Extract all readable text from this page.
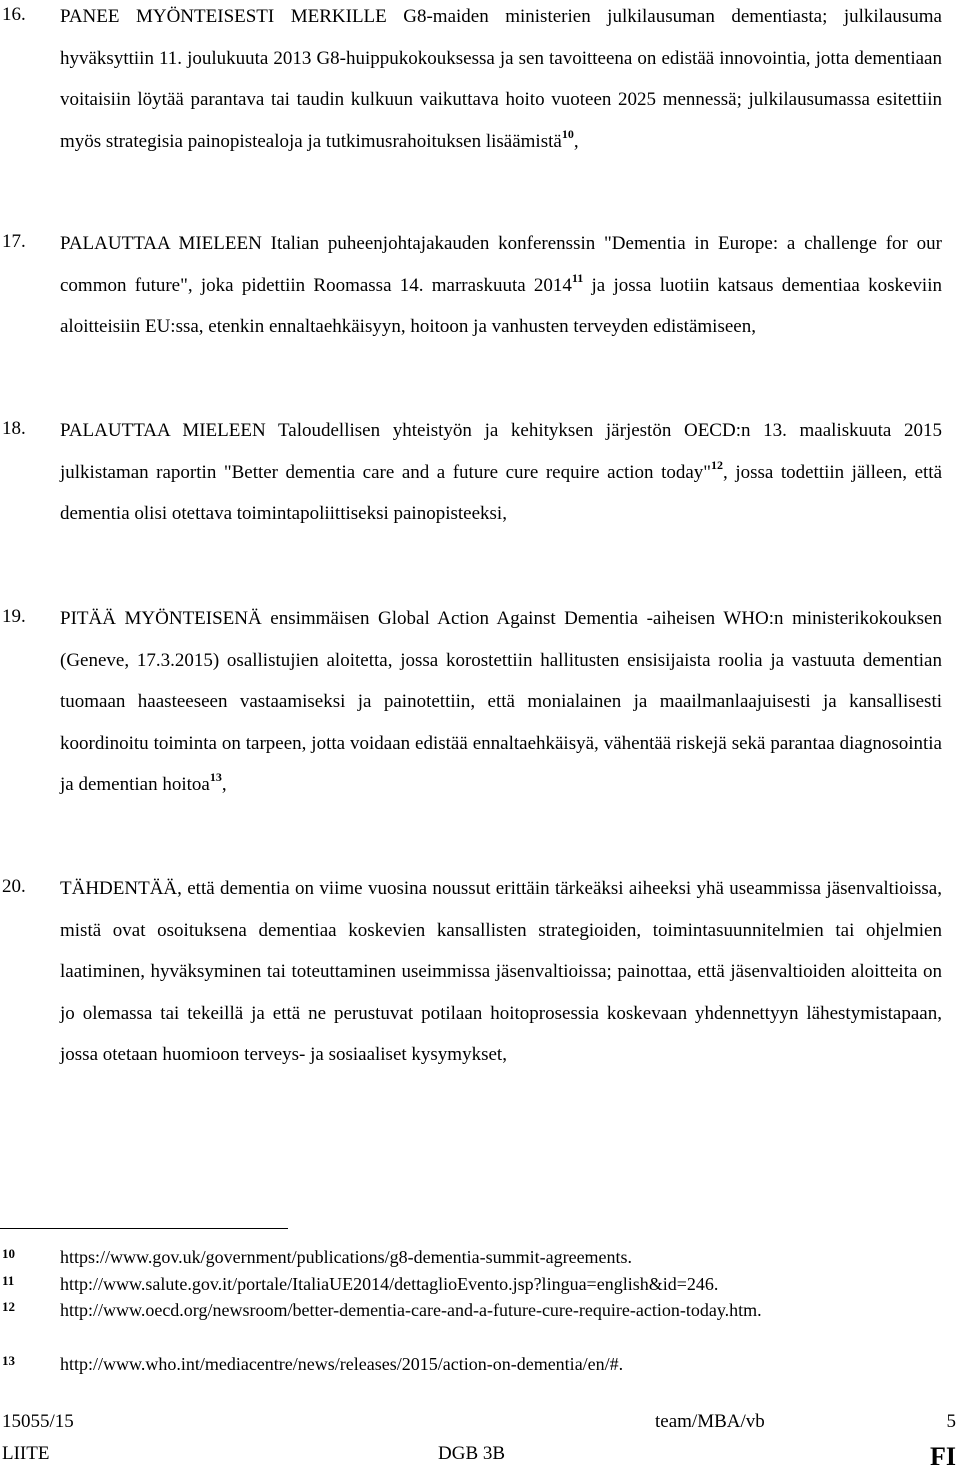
16. PANEE MYÖNTEISESTI MERKILLE G8-maiden ministerien julkilausuman dementiasta; julkilausuma hyväksyttiin 11. joulukuuta 2013 G8-huippukokouksessa ja sen tavoitteena on edistää innovointia, jotta dementiaan voitaisiin löytää parantava tai taudin kulkuun vaikuttava hoito vuoteen 2025 mennessä; julkilausumassa esitettiin myös strategisia painopistealoja ja tutkimusrahoituksen lisäämistä$^{10}$,
17. PALAUTTAA MIELEEN Italian puheenjohtajakauden konferenssin "Dementia in Europe: a challenge for our common future", joka pidettiin Roomassa 14. marraskuuta 2014$^{11}$ ja jossa luotiin katsaus dementiaa koskeviin aloitteisiin EU:ssa, etenkin ennaltaehkäisyyn, hoitoon ja vanhusten terveyden edistämiseen,
18. PALAUTTAA MIELEEN Taloudellisen yhteistyön ja kehityksen järjestön OECD:n 13. maaliskuuta 2015 julkistaman raportin "Better dementia care and a future cure require action today"$^{12}$, jossa todettiin jälleen, että dementia olisi otettava toimintapoliittiseksi painopisteeksi,
19. PITÄÄ MYÖNTEISENÄ ensimmäisen Global Action Against Dementia -aiheisen WHO:n ministerikokouksen (Geneve, 17.3.2015) osallistujien aloitetta, jossa korostettiin hallitusten ensisijaista roolia ja vastuuta dementian tuomaan haasteeseen vastaamiseksi ja painotettiin, että monialainen ja maailmanlaajuisesti ja kansallisesti koordinoitu toiminta on tarpeen, jotta voidaan edistää ennaltaehkäisyä, vähentää riskejä sekä parantaa diagnosointia ja dementian hoitoa$^{13}$,
20. TÄHDENTÄÄ, että dementia on viime vuosina noussut erittäin tärkeäksi aiheeksi yhä useammissa jäsenvaltioissa, mistä ovat osoituksena dementiaa koskevien kansallisten strategioiden, toimintasuunnitelmien tai ohjelmien laatiminen, hyväksyminen tai toteuttaminen useimmissa jäsenvaltioissa; painottaa, että jäsenvaltioiden aloitteita on jo olemassa tai tekeillä ja että ne perustuvat potilaan hoitoprosessia koskevaan yhdennettyyn lähestymistapaan, jossa otetaan huomioon terveys- ja sosiaaliset kysymykset,
10	https://www.gov.uk/government/publications/g8-dementia-summit-agreements.
11	http://www.salute.gov.it/portale/ItaliaUE2014/dettaglioEvento.jsp?lingua=english&id=246.
12	http://www.oecd.org/newsroom/better-dementia-care-and-a-future-cure-require-action-today.htm.
13	http://www.who.int/mediacentre/news/releases/2015/action-on-dementia/en/#.
15055/15	team/MBA/vb	5
LIITE	DGB 3B	FI
